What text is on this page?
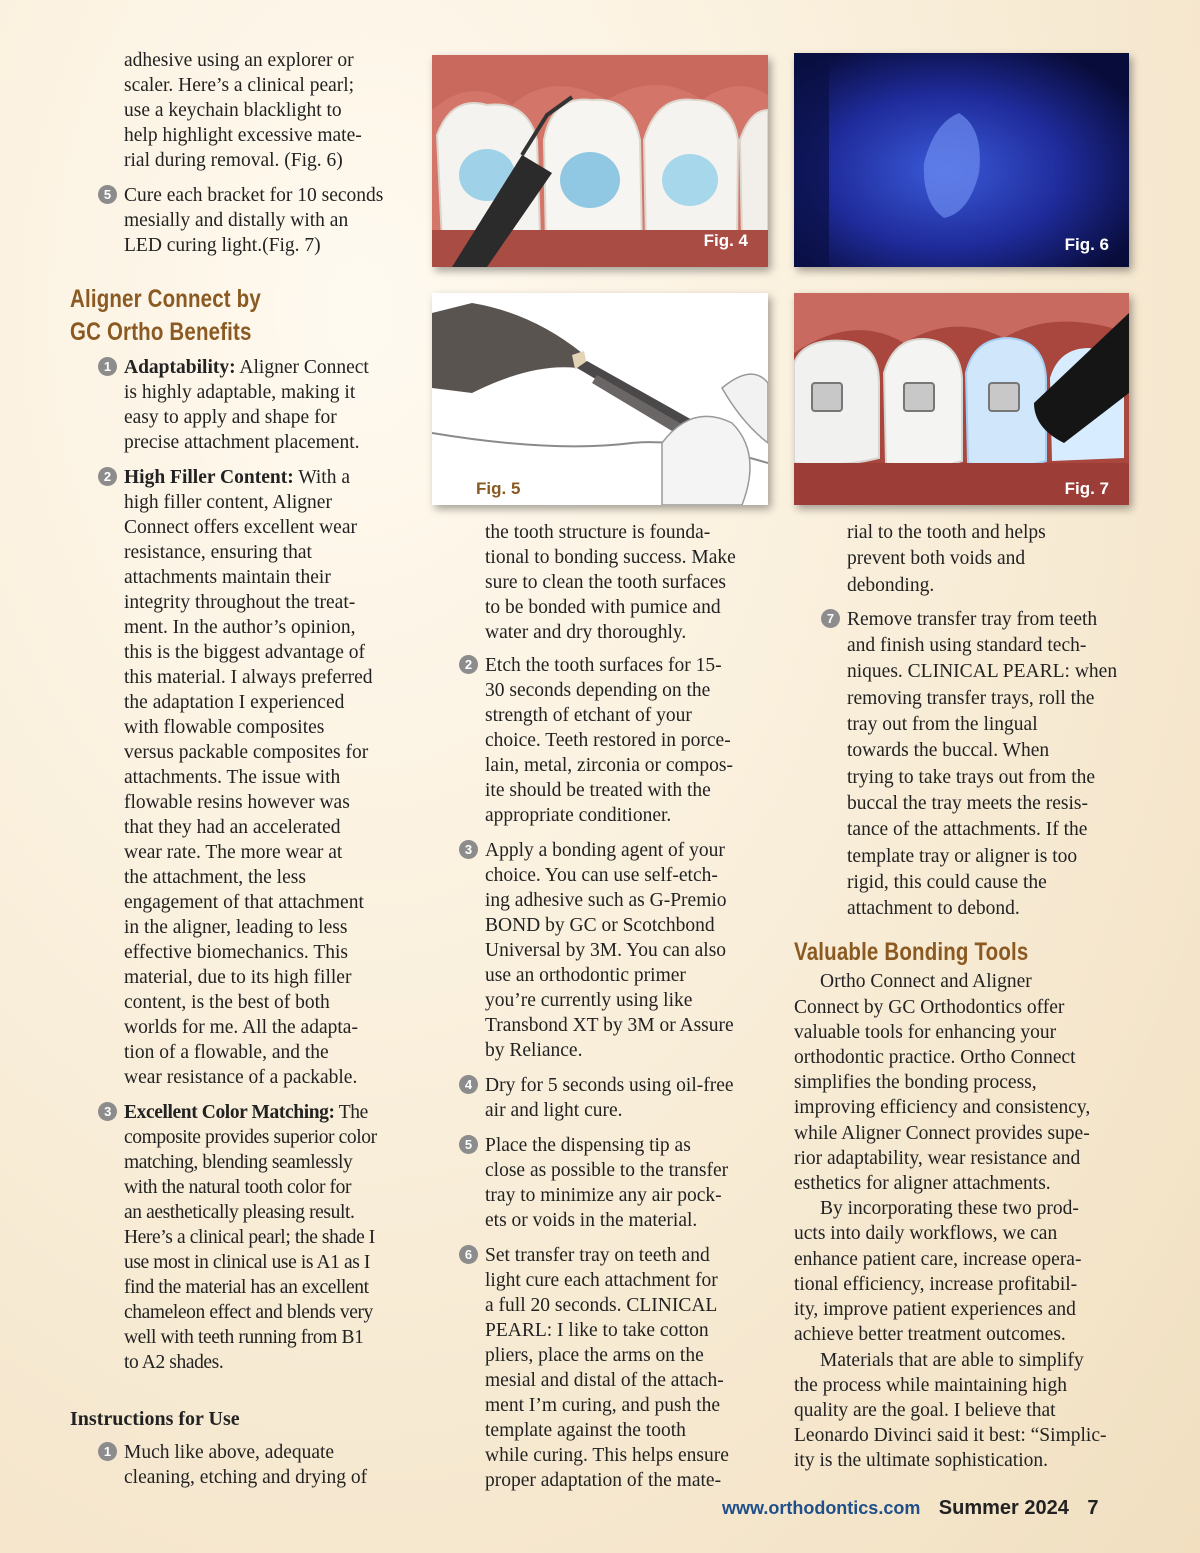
adhesive using an explorer or
scaler. Here’s a clinical pearl;
use a keychain blacklight to
help highlight excessive mate-
rial during removal. (Fig. 6)
5 Cure each bracket for 10 seconds
mesially and distally with an
LED curing light.(Fig. 7)
Aligner Connect by
GC Ortho Benefits
1 Adaptability: Aligner Connect
is highly adaptable, making it
easy to apply and shape for
precise attachment placement.
2 High Filler Content: With a
high filler content, Aligner
Connect offers excellent wear
resistance, ensuring that
attachments maintain their
integrity throughout the treat-
ment. In the author’s opinion,
this is the biggest advantage of
this material. I always preferred
the adaptation I experienced
with flowable composites
versus packable composites for
attachments. The issue with
flowable resins however was
that they had an accelerated
wear rate. The more wear at
the attachment, the less
engagement of that attachment
in the aligner, leading to less
effective biomechanics. This
material, due to its high filler
content, is the best of both
worlds for me. All the adapta-
tion of a flowable, and the
wear resistance of a packable.
3 Excellent Color Matching: The
composite provides superior color
matching, blending seamlessly
with the natural tooth color for
an aesthetically pleasing result.
Here’s a clinical pearl; the shade I
use most in clinical use is A1 as I
find the material has an excellent
chameleon effect and blends very
well with teeth running from B1
to A2 shades.
Instructions for Use
1 Much like above, adequate
cleaning, etching and drying of
Fig. 4	Fig. 6
Fig. 5	Fig. 7
the tooth structure is founda-
tional to bonding success. Make
sure to clean the tooth surfaces
to be bonded with pumice and
water and dry thoroughly.
2 Etch the tooth surfaces for 15-
30 seconds depending on the
strength of etchant of your
choice. Teeth restored in porce-
lain, metal, zirconia or compos-
ite should be treated with the
appropriate conditioner.
3 Apply a bonding agent of your
choice. You can use self-etch-
ing adhesive such as G-Premio
BOND by GC or Scotchbond
Universal by 3M. You can also
use an orthodontic primer
you’re currently using like
Transbond XT by 3M or Assure
by Reliance.
4 Dry for 5 seconds using oil-free
air and light cure.
5 Place the dispensing tip as
close as possible to the transfer
tray to minimize any air pock-
ets or voids in the material.
6 Set transfer tray on teeth and
light cure each attachment for
a full 20 seconds. CLINICAL
PEARL: I like to take cotton
pliers, place the arms on the
mesial and distal of the attach-
ment I’m curing, and push the
template against the tooth
while curing. This helps ensure
proper adaptation of the mate-
rial to the tooth and helps
prevent both voids and
debonding.
7 Remove transfer tray from teeth
and finish using standard tech-
niques. CLINICAL PEARL: when
removing transfer trays, roll the
tray out from the lingual
towards the buccal. When
trying to take trays out from the
buccal the tray meets the resis-
tance of the attachments. If the
template tray or aligner is too
rigid, this could cause the
attachment to debond.
Valuable Bonding Tools
Ortho Connect and Aligner
Connect by GC Orthodontics offer
valuable tools for enhancing your
orthodontic practice. Ortho Connect
simplifies the bonding process,
improving efficiency and consistency,
while Aligner Connect provides supe-
rior adaptability, wear resistance and
esthetics for aligner attachments.
By incorporating these two prod-
ucts into daily workflows, we can
enhance patient care, increase opera-
tional efficiency, increase profitabil-
ity, improve patient experiences and
achieve better treatment outcomes.
Materials that are able to simplify
the process while maintaining high
quality are the goal. I believe that
Leonardo Divinci said it best: “Simplic-
ity is the ultimate sophistication.
www.orthodontics.com Summer 2024 7
